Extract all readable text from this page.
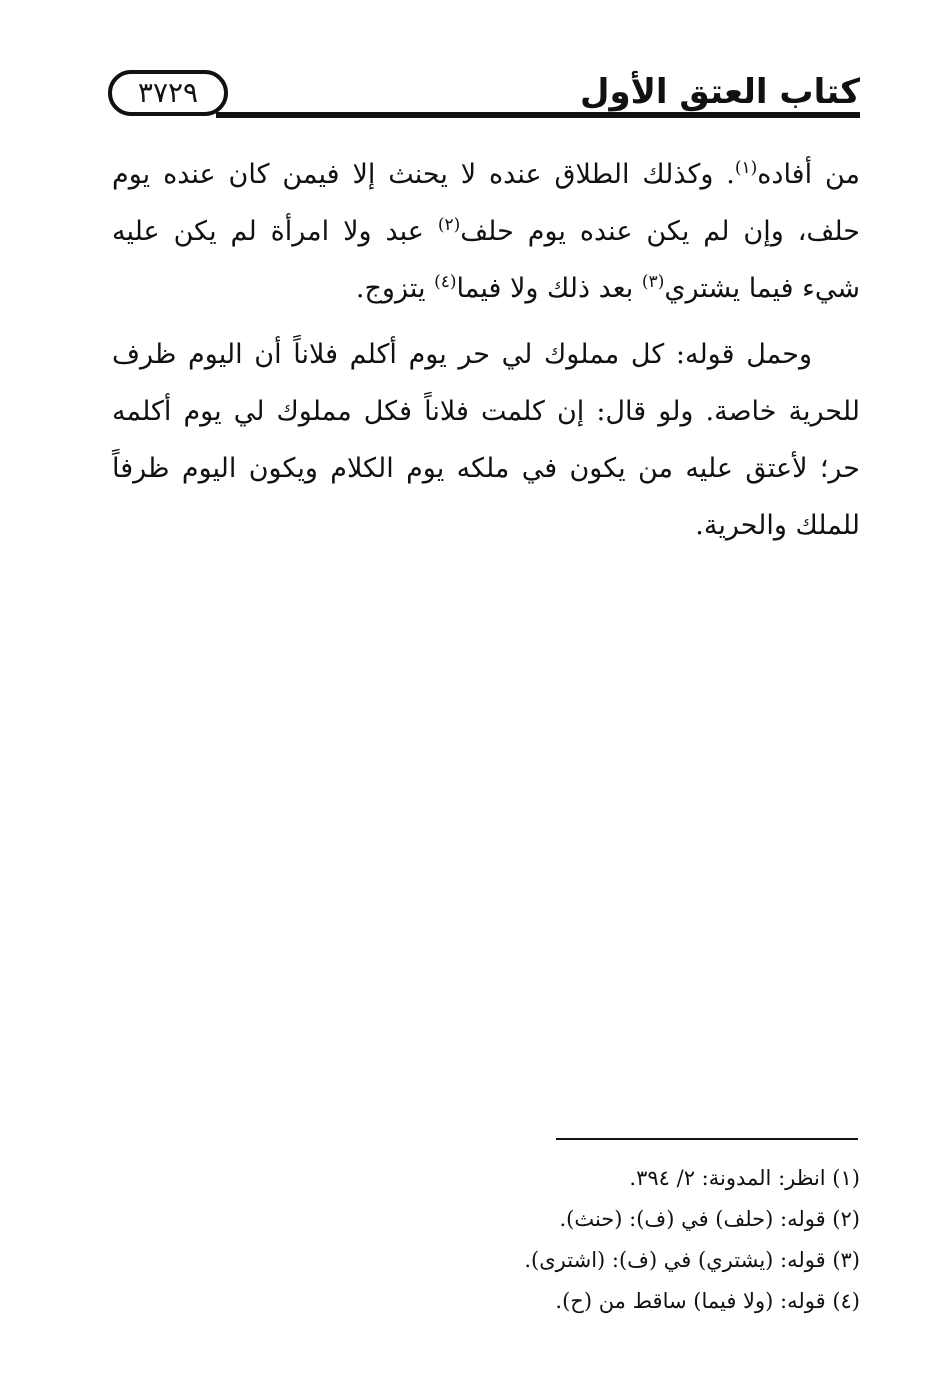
كتاب العتق الأول
٣٧٢٩

من أفاده$^{(١)}$. وكذلك الطلاق عنده لا يحنث إلا فيمن كان عنده يوم حلف، وإن لم يكن عنده يوم حلف$^{(٢)}$ عبد ولا امرأة لم يكن عليه شيء فيما يشتري$^{(٣)}$ بعد ذلك ولا فيما$^{(٤)}$ يتزوج.

وحمل قوله: كل مملوك لي حر يوم أكلم فلاناً أن اليوم ظرف للحرية خاصة. ولو قال: إن كلمت فلاناً فكل مملوك لي يوم أكلمه حر؛ لأعتق عليه من يكون في ملكه يوم الكلام ويكون اليوم ظرفاً للملك والحرية.

(١) انظر: المدونة: ٢/ ٣٩٤.
(٢) قوله: (حلف) في (ف): (حنث).
(٣) قوله: (يشتري) في (ف): (اشترى).
(٤) قوله: (ولا فيما) ساقط من (ح).
